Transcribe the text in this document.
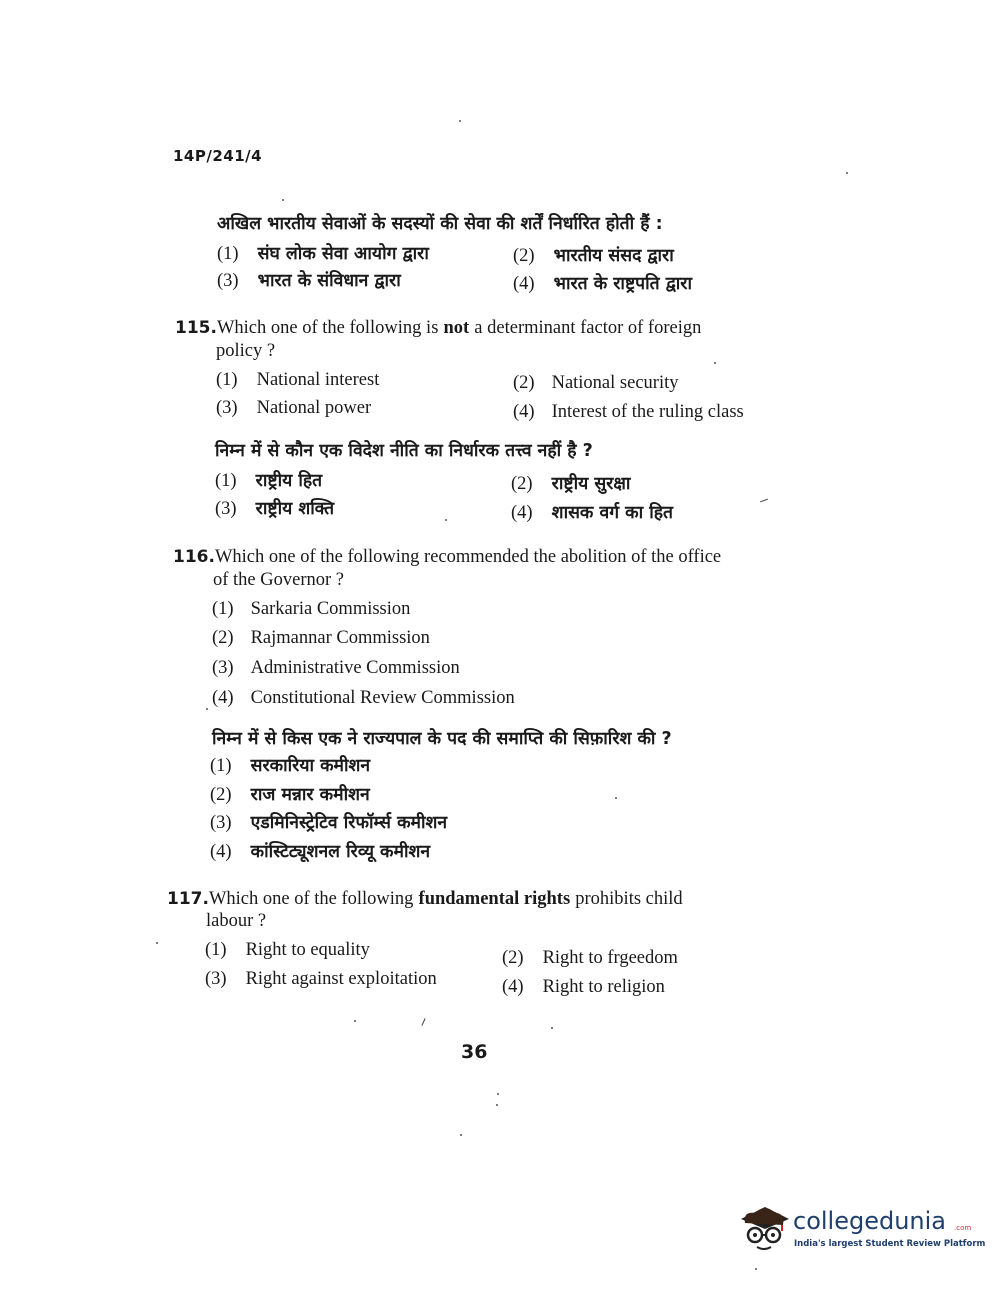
14P/241/4
अखिल भारतीय सेवाओं के सदस्यों की सेवा की शर्तें निर्धारित होती हैं :
(1) संघ लोक सेवा आयोग द्वारा	(2) भारतीय संसद द्वारा
(3) भारत के संविधान द्वारा	(4) भारत के राष्ट्रपति द्वारा
115.Which one of the following is not a determinant factor of foreign
policy ?
(1) National interest	(2) National security
(3) National power	(4) Interest of the ruling class
निम्न में से कौन एक विदेश नीति का निर्धारक तत्त्व नहीं है ?
(1) राष्ट्रीय हित	(2) राष्ट्रीय सुरक्षा
(3) राष्ट्रीय शक्ति	(4) शासक वर्ग का हित
116.Which one of the following recommended the abolition of the office
of the Governor ?
(1) Sarkaria Commission
(2) Rajmannar Commission
(3) Administrative Commission
(4) Constitutional Review Commission
निम्न में से किस एक ने राज्यपाल के पद की समाप्ति की सिफ़ारिश की ?
(1) सरकारिया कमीशन
(2) राज मन्नार कमीशन
(3) एडमिनिस्ट्रेटिव रिफॉर्म्स कमीशन
(4) कांस्टिट्यूशनल रिव्यू कमीशन
117.Which one of the following fundamental rights prohibits child
labour ?
(1) Right to equality	(2) Right to frgeedom
(3) Right against exploitation	(4) Right to religion
36
collegedunia .com
India's largest Student Review Platform
